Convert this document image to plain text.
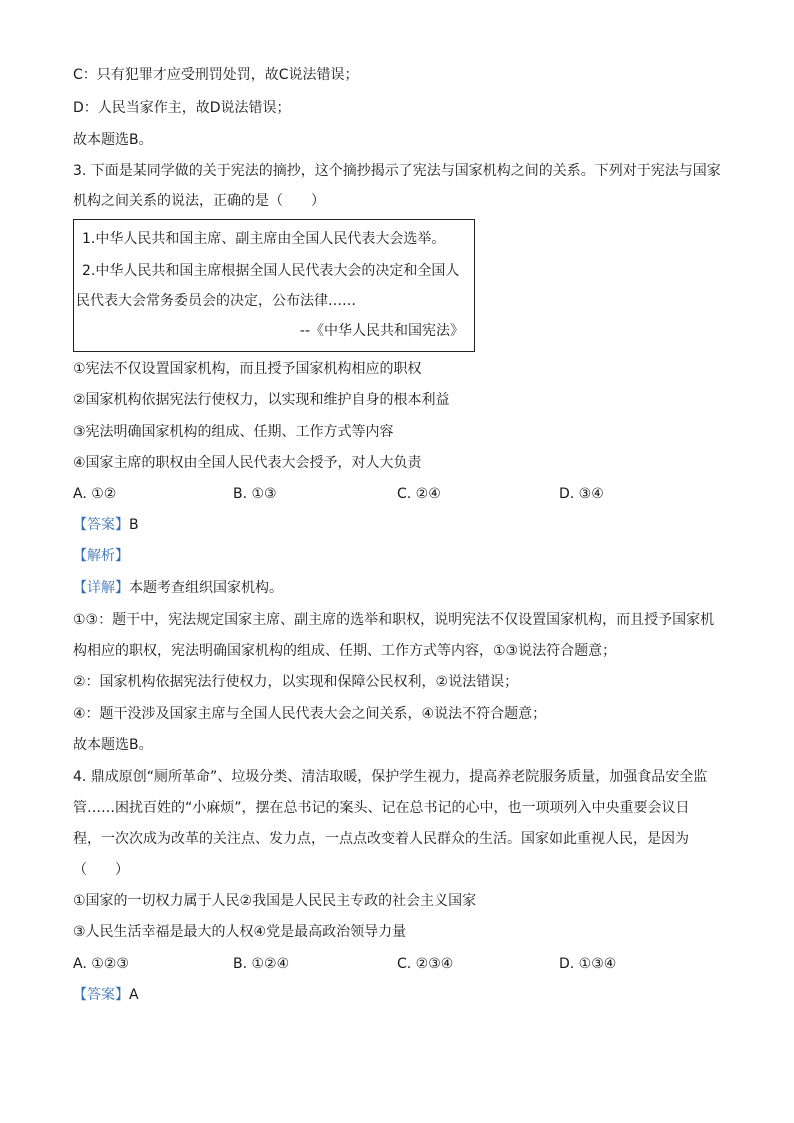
C：只有犯罪才应受刑罚处罚，故C说法错误；
D：人民当家作主，故D说法错误；
故本题选B。
3. 下面是某同学做的关于宪法的摘抄，这个摘抄揭示了宪法与国家机构之间的关系。下列对于宪法与国家
机构之间关系的说法，正确的是（　　）
1.中华人民共和国主席、副主席由全国人民代表大会选举。
2.中华人民共和国主席根据全国人民代表大会的决定和全国人
民代表大会常务委员会的决定，公布法律……
--《中华人民共和国宪法》
①宪法不仅设置国家机构，而且授予国家机构相应的职权
②国家机构依据宪法行使权力，以实现和维护自身的根本利益
③宪法明确国家机构的组成、任期、工作方式等内容
④国家主席的职权由全国人民代表大会授予，对人大负责
A. ①②	B. ①③	C. ②④	D. ③④
【答案】B
【解析】
【详解】本题考查组织国家机构。
①③：题干中，宪法规定国家主席、副主席的选举和职权，说明宪法不仅设置国家机构，而且授予国家机
构相应的职权，宪法明确国家机构的组成、任期、工作方式等内容，①③说法符合题意；
②：国家机构依据宪法行使权力，以实现和保障公民权利，②说法错误；
④：题干没涉及国家主席与全国人民代表大会之间关系，④说法不符合题意；
故本题选B。
4. 鼎成原创“厕所革命”、垃圾分类、清洁取暖，保护学生视力，提高养老院服务质量，加强食品安全监
管……困扰百姓的“小麻烦”，摆在总书记的案头、记在总书记的心中，也一项项列入中央重要会议日
程，一次次成为改革的关注点、发力点，一点点改变着人民群众的生活。国家如此重视人民，是因为
（　　）
①国家的一切权力属于人民②我国是人民民主专政的社会主义国家
③人民生活幸福是最大的人权④党是最高政治领导力量
A. ①②③	B. ①②④	C. ②③④	D. ①③④
【答案】A
